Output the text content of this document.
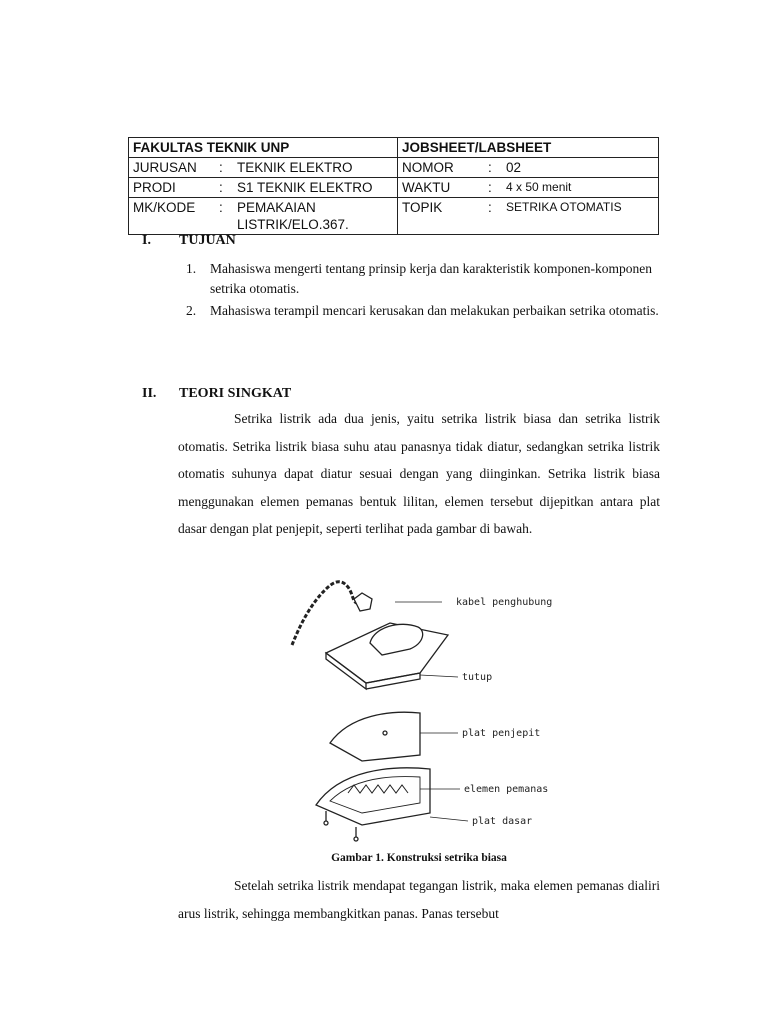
FAKULTAS TEKNIK UNP	JOBSHEET/LABSHEET

JURUSAN : TEKNIK ELEKTRO	NOMOR : 02

PRODI : S1 TEKNIK ELEKTRO	WAKTU : 4 x 50 menit

MK/KODE : PEMAKAIAN LISTRIK/ELO.367.	TOPIK : SETRIKA OTOMATIS
I. TUJUAN
1.	Mahasiswa mengerti tentang prinsip kerja dan karakteristik komponen-komponen setrika otomatis.
2.	Mahasiswa terampil mencari kerusakan dan melakukan perbaikan setrika otomatis.
II. TEORI SINGKAT

Setrika listrik ada dua jenis, yaitu setrika listrik biasa dan setrika listrik otomatis. Setrika listrik biasa suhu atau panasnya tidak diatur, sedangkan setrika listrik otomatis suhunya dapat diatur sesuai dengan yang diinginkan. Setrika listrik biasa menggunakan elemen pemanas bentuk lilitan, elemen tersebut dijepitkan antara plat dasar dengan plat penjepit, seperti terlihat pada gambar di bawah.

kabel penghubung
tutup
plat penjepit
elemen pemanas
plat dasar
Gambar 1. Konstruksi setrika biasa

Setelah setrika listrik mendapat tegangan listrik, maka elemen pemanas dialiri arus listrik, sehingga membangkitkan panas. Panas tersebut
